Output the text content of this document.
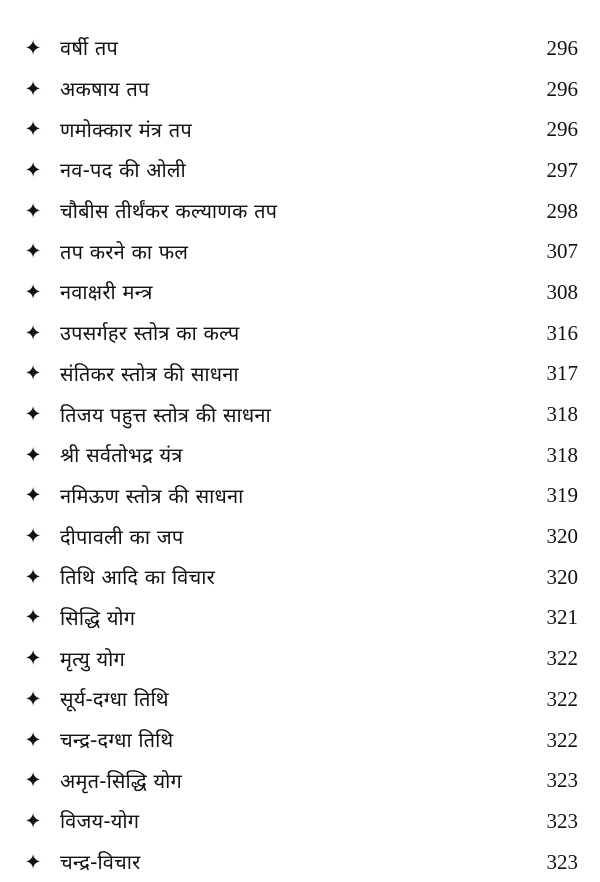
✦ वर्षी तप	296
✦ अकषाय तप	296
✦ णमोक्कार मंत्र तप	296
✦ नव-पद की ओली	297
✦ चौबीस तीर्थंकर कल्याणक तप	298
✦ तप करने का फल	307
✦ नवाक्षरी मन्त्र	308
✦ उपसर्गहर स्तोत्र का कल्प	316
✦ संतिकर स्तोत्र की साधना	317
✦ तिजय पहुत्त स्तोत्र की साधना	318
✦ श्री सर्वतोभद्र यंत्र	318
✦ नमिऊण स्तोत्र की साधना	319
✦ दीपावली का जप	320
✦ तिथि आदि का विचार	320
✦ सिद्धि योग	321
✦ मृत्यु योग	322
✦ सूर्य-दग्धा तिथि	322
✦ चन्द्र-दग्धा तिथि	322
✦ अमृत-सिद्धि योग	323
✦ विजय-योग	323
✦ चन्द्र-विचार	323
